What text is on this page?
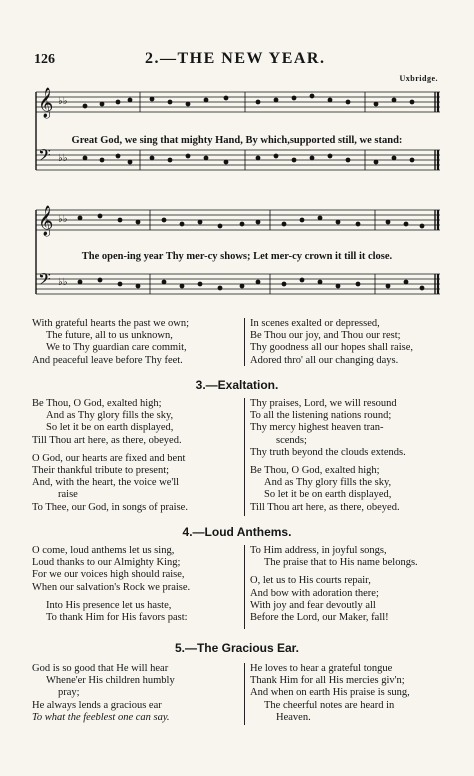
126	2.—THE NEW YEAR.
Uxbridge.
𝄞
𝄢
♭♭
♭♭
Great God, we sing that mighty Hand, By which,supported still, we stand:
𝄞
𝄢
♭♭
♭♭
The open-ing year Thy mer-cy shows; Let mer-cy crown it till it close.
With grateful hearts the past we own;
The future, all to us unknown,
We to Thy guardian care commit,
And peaceful leave before Thy feet.
In scenes exalted or depressed,
Be Thou our joy, and Thou our rest;
Thy goodness all our hopes shall raise,
Adored thro' all our changing days.
3.—Exaltation.
Be Thou, O God, exalted high;
And as Thy glory fills the sky,
So let it be on earth displayed,
Till Thou art here, as there, obeyed.
O God, our hearts are fixed and bent
Their thankful tribute to present;
And, with the heart, the voice we'll
raise
To Thee, our God, in songs of praise.
Thy praises, Lord, we will resound
To all the listening nations round;
Thy mercy highest heaven tran-
scends;
Thy truth beyond the clouds extends.
Be Thou, O God, exalted high;
And as Thy glory fills the sky,
So let it be on earth displayed,
Till Thou art here, as there, obeyed.
4.—Loud Anthems.
O come, loud anthems let us sing,
Loud thanks to our Almighty King;
For we our voices high should raise,
When our salvation's Rock we praise.
Into His presence let us haste,
To thank Him for His favors past:
To Him address, in joyful songs,
The praise that to His name belongs.
O, let us to His courts repair,
And bow with adoration there;
With joy and fear devoutly all
Before the Lord, our Maker, fall!
5.—The Gracious Ear.
God is so good that He will hear
Whene'er His children humbly
pray;
He always lends a gracious ear
To what the feeblest one can say.
He loves to hear a grateful tongue
Thank Him for all His mercies giv'n;
And when on earth His praise is sung,
The cheerful notes are heard in
Heaven.
